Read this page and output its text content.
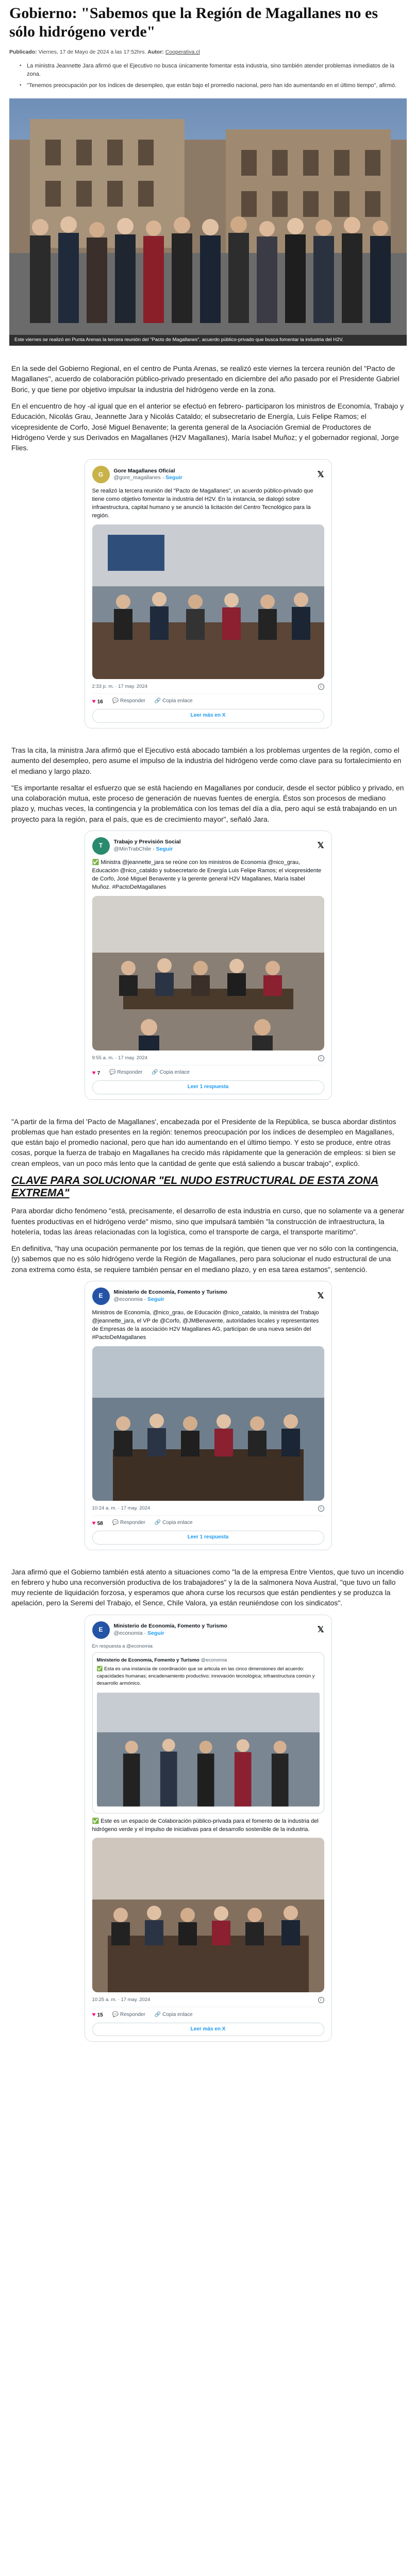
Gobierno: "Sabemos que la Región de Magallanes no es sólo hidrógeno verde"
Publicado: Viernes, 17 de Mayo de 2024 a las 17:52hrs. Autor: Cooperativa.cl
▪ La ministra Jeannette Jara afirmó que el Ejecutivo no busca únicamente fomentar esta industria, sino también atender problemas inmediatos de la zona.
▪ "Tenemos preocupación por los índices de desempleo, que están bajo el promedio nacional, pero han ido aumentando en el último tiempo", afirmó.
Este viernes se realizó en Punta Arenas la tercera reunión del "Pacto de Magallanes", acuerdo público-privado que busca fomentar la industria del H2V.

En la sede del Gobierno Regional, en el centro de Punta Arenas, se realizó este viernes la tercera reunión del "Pacto de Magallanes", acuerdo de colaboración público-privado presentado en diciembre del año pasado por el Presidente Gabriel Boric, y que tiene por objetivo impulsar la industria del hidrógeno verde en la zona.

En el encuentro de hoy -al igual que en el anterior se efectuó en febrero- participaron los ministros de Economía, Trabajo y Educación, Nicolás Grau, Jeannette Jara y Nicolás Cataldo; el subsecretario de Energía, Luis Felipe Ramos; el vicepresidente de Corfo, José Miguel Benavente; la gerenta general de la Asociación Gremial de Productores de Hidrógeno Verde y sus Derivados en Magallanes (H2V Magallanes), María Isabel Muñoz; y el gobernador regional, Jorge Flies.

G	Gore Magallanes Oficial
@gore_magallanes · Seguir	𝕏
Se realizó la tercera reunión del "Pacto de Magallanes", un acuerdo público-privado que tiene como objetivo fomentar la industria del H2V. En la instancia, se dialogó sobre infraestructura, capital humano y se anunció la licitación del Centro Tecnológico para la región.
2:33 p. m. · 17 may. 2024	i
♥ 16 💬 Responder 🔗 Copia enlace
Leer más en X

Tras la cita, la ministra Jara afirmó que el Ejecutivo está abocado también a los problemas urgentes de la región, como el aumento del desempleo, pero asume el impulso de la industria del hidrógeno verde como clave para su fortalecimiento en el mediano y largo plazo.

"Es importante resaltar el esfuerzo que se está haciendo en Magallanes por conducir, desde el sector público y privado, en una colaboración mutua, este proceso de generación de nuevas fuentes de energía. Éstos son procesos de mediano plazo y, muchas veces, la contingencia y la problemática con los temas del día a día, pero aquí se está trabajando en un proyecto para la región, para el país, que es de crecimiento mayor", señaló Jara.

T	Trabajo y Previsión Social
@MinTrabChile · Seguir	𝕏
✅ Ministra @jeannette_jara se reúne con los ministros de Economía @nico_grau, Educación @nico_cataldo y subsecretario de Energía Luis Felipe Ramos; el vicepresidente de Corfo, José Miguel Benavente y la gerente general H2V Magallanes, María Isabel Muñoz. #PactoDeMagallanes
9:55 a. m. · 17 may. 2024	i
♥ 7 💬 Responder 🔗 Copia enlace
Leer 1 respuesta

"A partir de la firma del 'Pacto de Magallanes', encabezada por el Presidente de la República, se busca abordar distintos problemas que han estado presentes en la región: tenemos preocupación por los índices de desempleo en Magallanes, que están bajo el promedio nacional, pero que han ido aumentando en el último tiempo. Y esto se produce, entre otras cosas, porque la fuerza de trabajo en Magallanes ha crecido más rápidamente que la generación de empleos: si bien se crean empleos, van un poco más lento que la cantidad de gente que está saliendo a buscar trabajo", explicó.

CLAVE PARA SOLUCIONAR "EL NUDO ESTRUCTURAL DE ESTA ZONA EXTREMA"

Para abordar dicho fenómeno "está, precisamente, el desarrollo de esta industria en curso, que no solamente va a generar fuentes productivas en el hidrógeno verde" mismo, sino que impulsará también "la construcción de infraestructura, la hotelería, todas las áreas relacionadas con la logística, como el transporte de carga, el transporte marítimo".

En definitiva, "hay una ocupación permanente por los temas de la región, que tienen que ver no sólo con la contingencia, (y) sabemos que no es sólo hidrógeno verde la Región de Magallanes, pero para solucionar el nudo estructural de una zona extrema como ésta, se requiere también pensar en el mediano plazo, y en esa tarea estamos", sentenció.

E	Ministerio de Economía, Fomento y Turismo
@economia · Seguir	𝕏
Ministros de Economía, @nico_grau, de Educación @nico_cataldo, la ministra del Trabajo @jeannette_jara, el VP de @Corfo, @JMBenavente, autoridades locales y representantes de Empresas de la asociación H2V Magallanes AG, participan de una nueva sesión del #PactoDeMagallanes
10:24 a. m. · 17 may. 2024	i
♥ 58 💬 Responder 🔗 Copia enlace
Leer 1 respuesta

Jara afirmó que el Gobierno también está atento a situaciones como "la de la empresa Entre Vientos, que tuvo un incendio en febrero y hubo una reconversión productiva de los trabajadores" y la de la salmonera Nova Austral, "que tuvo un fallo muy reciente de liquidación forzosa, y esperamos que ahora curse los recursos que están pendientes y se produzca la apelación, pero la Seremi del Trabajo, el Sence, Chile Valora, ya están reuniéndose con los sindicatos".

E	Ministerio de Economía, Fomento y Turismo
@economia · Seguir	𝕏
En respuesta a @economia
Ministerio de Economía, Fomento y Turismo @economia
✅ Esta es una instancia de coordinación que se articula en las cinco dimensiones del acuerdo: capacidades humanas; encadenamiento productivo; innovación tecnológica; infraestructura común y desarrollo armónico.
✅ Este es un espacio de Colaboración público-privada para el fomento de la industria del hidrógeno verde y el impulso de iniciativas para el desarrollo sostenible de la industria.
10:25 a. m. · 17 may. 2024	i
♥ 15 💬 Responder 🔗 Copia enlace
Leer más en X
